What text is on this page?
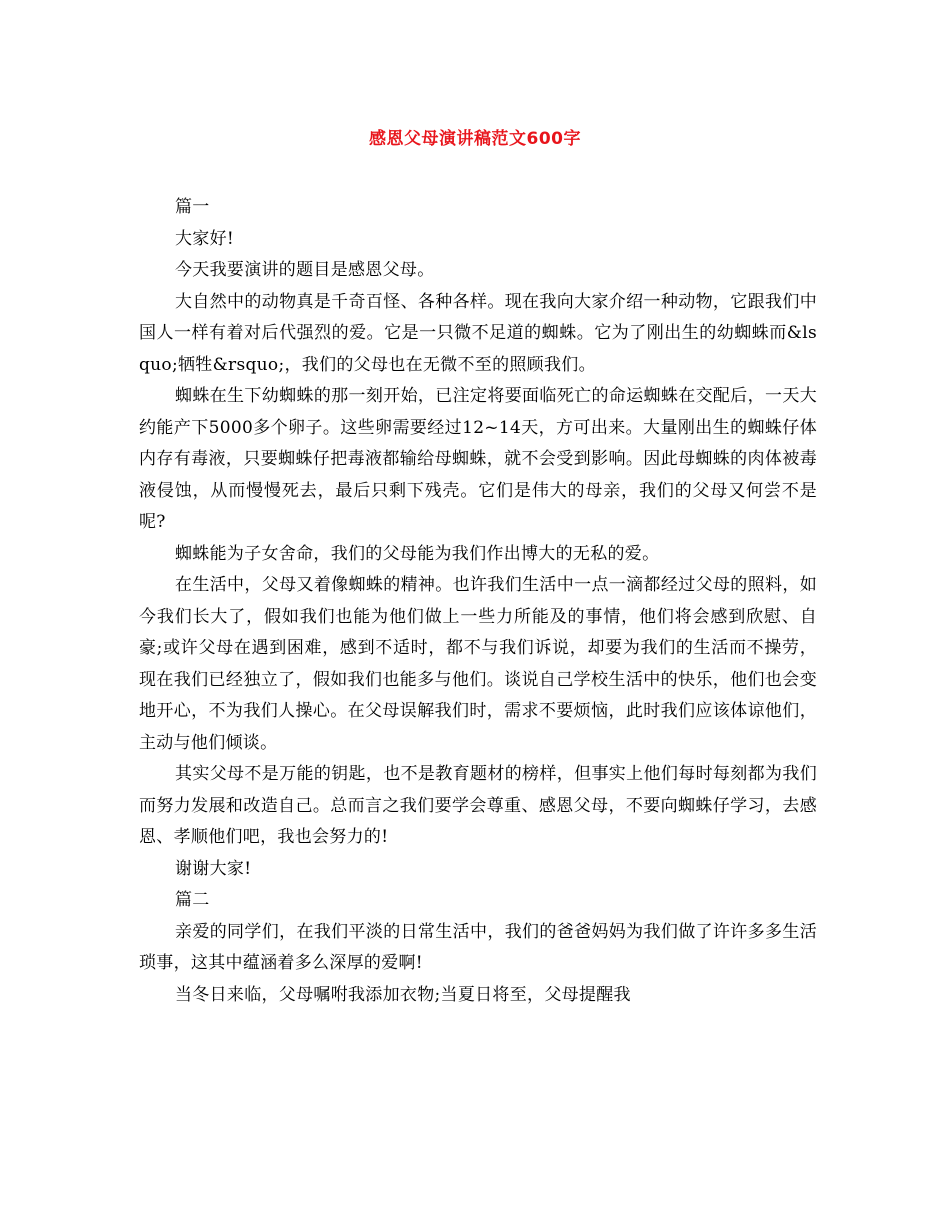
感恩父母演讲稿范文600字

篇一

大家好!

今天我要演讲的题目是感恩父母。

大自然中的动物真是千奇百怪、各种各样。现在我向大家介绍一种动物，它跟我们中国人一样有着对后代强烈的爱。它是一只微不足道的蜘蛛。它为了刚出生的幼蜘蛛而&lsquo;牺牲&rsquo;，我们的父母也在无微不至的照顾我们。

蜘蛛在生下幼蜘蛛的那一刻开始，已注定将要面临死亡的命运蜘蛛在交配后，一天大约能产下5000多个卵子。这些卵需要经过12~14天，方可出来。大量刚出生的蜘蛛仔体内存有毒液，只要蜘蛛仔把毒液都输给母蜘蛛，就不会受到影响。因此母蜘蛛的肉体被毒液侵蚀，从而慢慢死去，最后只剩下残壳。它们是伟大的母亲，我们的父母又何尝不是呢?

蜘蛛能为子女舍命，我们的父母能为我们作出博大的无私的爱。

在生活中，父母又着像蜘蛛的精神。也许我们生活中一点一滴都经过父母的照料，如今我们长大了，假如我们也能为他们做上一些力所能及的事情，他们将会感到欣慰、自豪;或许父母在遇到困难，感到不适时，都不与我们诉说，却要为我们的生活而不操劳，现在我们已经独立了，假如我们也能多与他们。谈说自己学校生活中的快乐，他们也会变地开心，不为我们人操心。在父母误解我们时，需求不要烦恼，此时我们应该体谅他们，主动与他们倾谈。

其实父母不是万能的钥匙，也不是教育题材的榜样，但事实上他们每时每刻都为我们而努力发展和改造自己。总而言之我们要学会尊重、感恩父母，不要向蜘蛛仔学习，去感恩、孝顺他们吧，我也会努力的!

谢谢大家!

篇二

亲爱的同学们，在我们平淡的日常生活中，我们的爸爸妈妈为我们做了许许多多生活琐事，这其中蕴涵着多么深厚的爱啊!

当冬日来临，父母嘱咐我添加衣物;当夏日将至，父母提醒我
